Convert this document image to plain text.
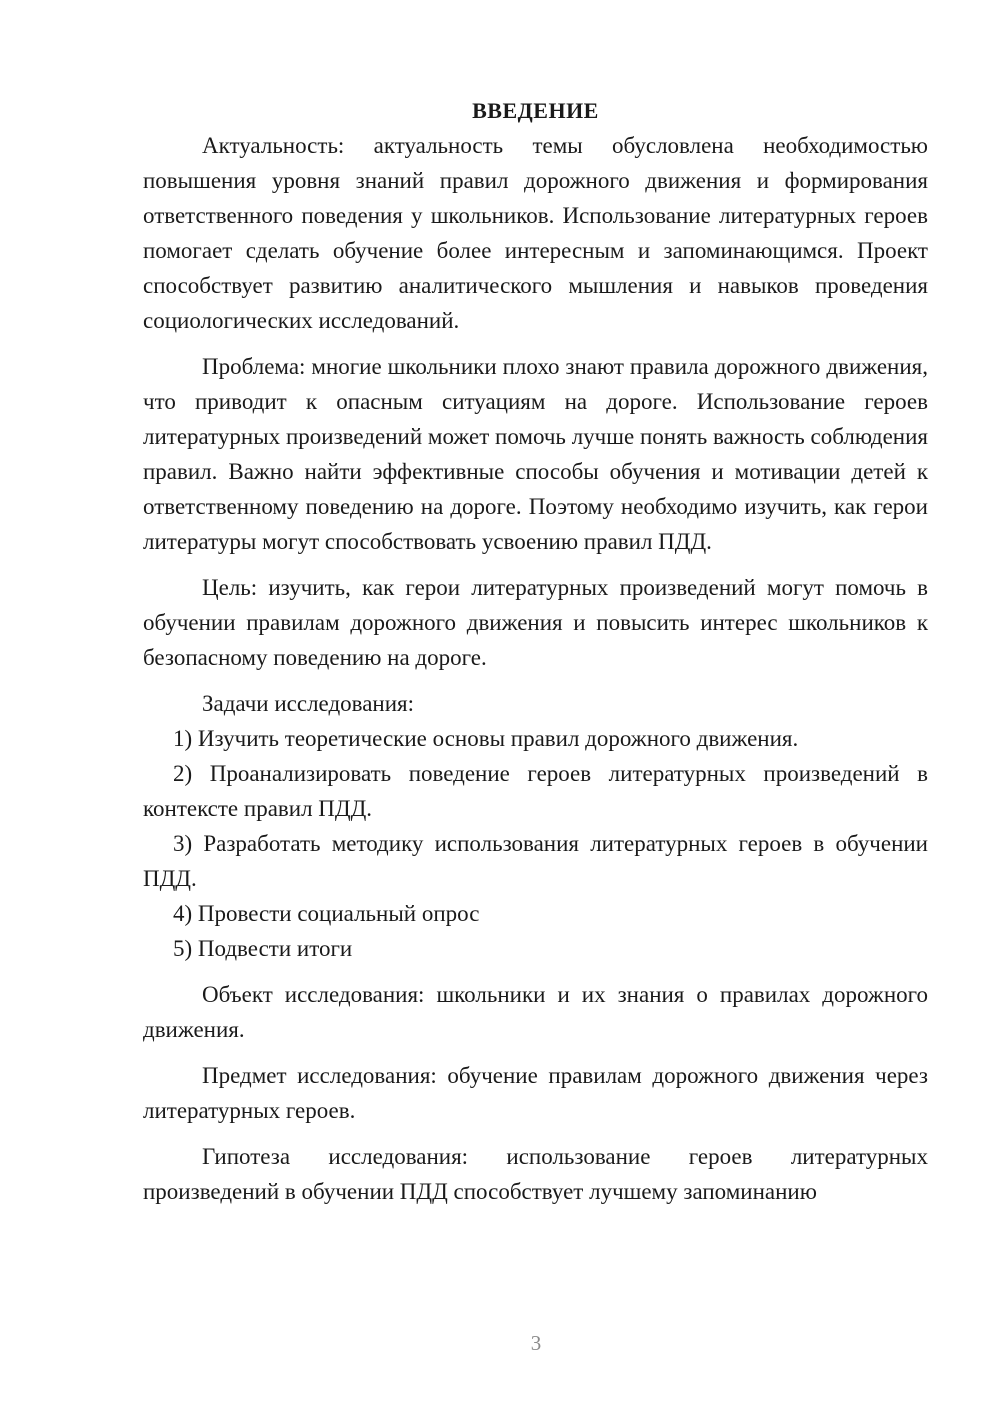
ВВЕДЕНИЕ

Актуальность: актуальность темы обусловлена необходимостью повышения уровня знаний правил дорожного движения и формирования ответственного поведения у школьников. Использование литературных героев помогает сделать обучение более интересным и запоминающимся. Проект способствует развитию аналитического мышления и навыков проведения социологических исследований.

Проблема: многие школьники плохо знают правила дорожного движения, что приводит к опасным ситуациям на дороге. Использование героев литературных произведений может помочь лучше понять важность соблюдения правил. Важно найти эффективные способы обучения и мотивации детей к ответственному поведению на дороге. Поэтому необходимо изучить, как герои литературы могут способствовать усвоению правил ПДД.

Цель: изучить, как герои литературных произведений могут помочь в обучении правилам дорожного движения и повысить интерес школьников к безопасному поведению на дороге.

Задачи исследования:

1) Изучить теоретические основы правил дорожного движения.

2) Проанализировать поведение героев литературных произведений в контексте правил ПДД.

3) Разработать методику использования литературных героев в обучении ПДД.

4) Провести социальный опрос

5) Подвести итоги

Объект исследования: школьники и их знания о правилах дорожного движения.

Предмет исследования: обучение правилам дорожного движения через литературных героев.

Гипотеза исследования: использование героев литературных произведений в обучении ПДД способствует лучшему запоминанию

3
